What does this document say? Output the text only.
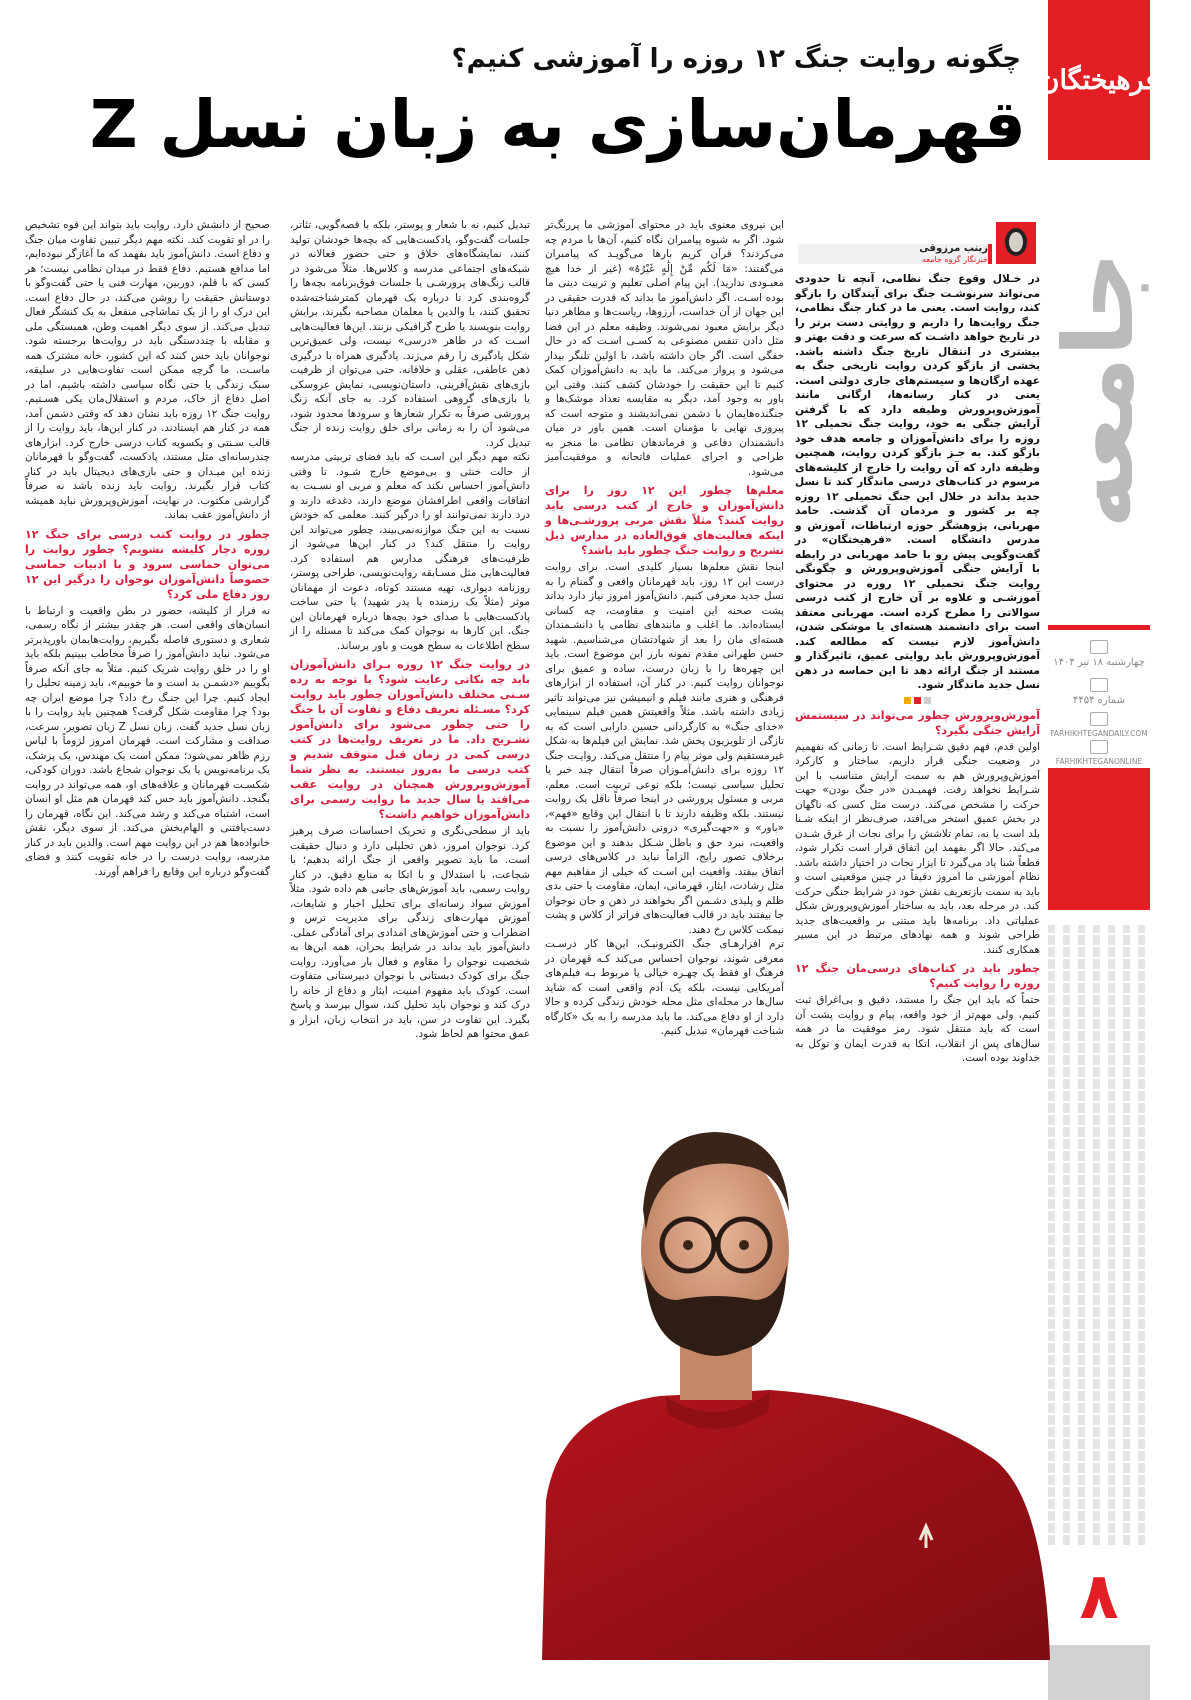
فرهیختگان
جامعه
چهارشنبه ۱۸ تیر ۱۴۰۴
شماره ۴۴۵۴
FARHIKHTEGANDAILY.COM
FARHIKHTEGANONLINE
۸
چگونه روایت جنگ ۱۲ روزه را آموزشی کنیم؟
قهرمان‌سازی به زبان نسل Z
زینب مرزوقی
خبرنگار گروه جامعه

در خـلال وقوع جنگ نظامی، آنچه تا حدودی می‌تواند سرنوشـت جنگ برای آیندگان را بازگو کند، روایت است. یعنی ما در کنار جنگ نظامی، جنگ روایت‌ها را داریم و روایتی دست برتر را در تاریخ خواهد داشـت که سرعت و دقت بهتر و بیشتری در انتقال تاریخ جنگ داشته باشد. بخشی از بازگو کردن روایت تاریخی جنگ به عهده ارگان‌ها و سیستم‌های جاری دولتی است. یعنی در کنار رسانه‌ها، ارگانی مانند آموزش‌وپرورش وظیفه دارد که با گرفتن آرایش جنگی به خود، روایت جنگ تحمیلی ۱۲ روزه را برای دانش‌آموزان و جامعه هدف خود بازگو کند. به جـز بازگو کردن روایت، همچنین وظیفه دارد که آن روایت را خارج از کلیشه‌های مرسوم در کتاب‌های درسی ماندگار کند تا نسل جدید بداند در خلال این جنگ تحمیلی ۱۲ روزه چه بر کشور و مردمان آن گذشت. حامد مهربانی، پژوهشگر حوزه ارتباطات، آموزش و مدرس دانشگاه است. «فرهیختگان» در گفت‌وگویی پیش رو با حامد مهربانی در رابطه با آرایش جنگی آموزش‌وپرورش و چگونگی روایت جنگ تحمیلی ۱۲ روزه در محتوای آموزشـی و علاوه بر آن خارج از کتب درسی سوالاتی را مطرح کرده است. مهربانی معتقد است برای دانشمند هسته‌ای یا موشکی شدن، دانش‌آموز لازم‌ نیست که مطالعه کند. آموزش‌وپرورش باید روایتی عمیق، تاثیرگذار و مستند از جنگ ارائه دهد تا این حماسه در ذهن نسل جدید ماندگار شود.

آموزش‌وپرورش چطور می‌تواند در سیستمش آرایش جنگی بگیرد؟

اولین قدم، فهم دقیق شـرایط است. تا زمانی که نفهمیم در وضعیت جنگی قرار داریم، ساختار و کارکرد آموزش‌وپرورش هم به سمت آرایش متناسب با این شـرایط نخواهد رفت. فهمیـدن «در جنگ بودن» جهت حرکت را مشخص می‌کند. درست مثل کسی که ناگهان در بخش عمیق استخر می‌افتد، صرف‌نظر از اینکه شـنا بلد است یا نه، تمام تلاشش را برای نجات از غرق شـدن می‌کند. حالا اگر بفهمد این اتفاق قرار است تکرار شود، قطعاً شنا یاد می‌گیرد تا ایزار نجات در اختیار داشته باشد. نظام آموزشی ما امروز دقیقاً در چنین موقعیتی است و باید به سمت بازتعریف نقش خود در شرایط جنگی حرکت کند. در مرحله بعد، باید به ساختار آموزش‌وپرورش شکل عملیاتی داد. برنامه‌ها باید مبتنی بر واقعیت‌های جدید طراحی شوند و همه نهادهای مرتبط در این مسیر همکاری کنند.

چطور باید در کتاب‌های درسی‌مان جنگ ۱۲ روزه را روایت کنیم؟

حتماً که باید این جنگ را مستند، دقیق و بی‌اغراق ثبت کنیم، ولی مهم‌تر از خود واقعه، پیام و روایت پشت آن است که باید منتقل شود. رمز موفقیت ما در همه سال‌های پس از انقلاب، اتکا به قدرت ایمان و توکل به خداوند بوده است.

این نیروی معنوی باید در محتوای آموزشی ما پررنگ‌تر شود. اگر به شیوه پیامبران نگاه کنیم، آن‌ها با مردم چه می‌کردند؟ قرآن کریم بارها می‌گویـد که پیامبران می‌گفتند: «مَا لَکُم مِّنْ إِلَٰهٍ غَیْرُهُ» (غیر از خدا هیچ معبـودی ندارید). این پیام اصلی تعلیم و تربیت دینی ما بوده اسـت. اگر دانش‌آموز ما بداند که قدرت حقیقی در این جهان از آن خداست، آرزوها، ریاست‌ها و مظاهر دنیا دیگر برایش معبود نمی‌شوند. وظیفه معلم در این فضا مثل دادن تنفس مصنوعی به کسـی اسـت که در حال خفگی است. اگر جان داشته باشد، با اولین تلنگر بیدار می‌شود و پرواز می‌کند. ما باید به دانش‌آموزان کمک کنیم تا این حقیقت را خودشان کشف کنند. وقتی این باور به وجود آمد، دیگر به مقایسه تعداد موشک‌ها و جنگنده‌هایمان با دشمن نمی‌اندیشند و متوجه است که پیروزی نهایی با مؤمنان است. همین باور در میان دانشمندان دفاعی و فرماندهان نظامی ما منجر به طراحی و اجرای عملیات فاتحانه و موفقیت‌آمیز می‌شود.

معلم‌ها چطور این ۱۲ روز را برای دانش‌آموزان و خارج از کتب درسی باید روایت کنند؟ مثلاً نقش مربی پرورشـی‌ها و اینکه فعالیت‌های فوق‌العاده در مدارس ذیل تشریح و روایت جنگ چطور باید باشد؟

اینجا نقش معلم‌ها بسیار کلیدی است. برای روایت درست این ۱۲ روز، باید قهرمانان واقعی و گمنام را به نسل جدید معرفی کنیم. دانش‌آموز امروز نیاز دارد بداند پشت صحنه این امنیت و مقاومت، چه کسانی ایستاده‌اند. ما اغلب و مانندهای نظامی یا دانشـمندان هسته‌ای مان را بعد از شهادتشان می‌شناسیم. شهید حسن طهرانی مقدم نمونه بارز این موضوع است. باید این چهره‌ها را با زبان درست، ساده و عمیق برای نوجوانان روایت کنیم. در کنار آن، استفاده از ابزارهای فرهنگی و هنری مانند فیلم و انیمیشن نیز می‌تواند تاثیر زیادی داشته باشد. مثلاً واقعیتش همین فیلم سینمایی «خدای جنگ» به کارگردانی حسین دارابی است که به تازگی از تلویزیون پخش شد. نمایش این فیلم‌ها به شکل غیرمستقیم ولی موثر پیام را منتقل می‌کند. روایـت جنگ ۱۲ روزه برای دانش‌آمـوزان صرفاً انتقال چند خبر یا تحلیل سیاسی نیست؛ بلکه نوعی تربیت است. معلم، مربی و مسئول پرورشی در اینجا صرفاً ناقل یک روایت نیستند. بلکه وظیفه دارند تا با انتقال این وقایع «فهم»، «باور» و «جهت‌گیری» درونی دانش‌آموز را نسبت به واقعیت، نبرد حق و باطل شـکل بدهند و این موضوع برخلاف تصور رایج، الزاماً نباید در کلاس‌های درسی اتفاق بیفتد. واقعیت این اسـت که خیلی از مفاهیم مهم مثل رشادت، ایثار، قهرمانی، ایمان، مقاومت یا حتی بدی ظلم و پلیدی دشـمن اگر بخواهند در ذهن و جان نوجوان جا بیفتند باید در قالب فعالیت‌های فراتر از کلاس و پشت نیمکت کلاس رخ دهند.

ترم افزارهـای جنگ الکترونیـک، این‌ها کار درسـت معرفی شوند، نوجوان احساس می‌کند کـه قهرمان در فرهنگ او فقط یک چهـره خیالی یا مربوط بـه فیلم‌های آمریکایی نیست، بلکه یک آدم واقعی است که شاید سال‌ها در محله‌ای مثل محله خودش زندگی کرده و حالا دارد از او دفاع می‌کند. ما باید مدرسه را به یک «کارگاه شناخت قهرمان» تبدیل کنیم.

تبدیل کنیم، نه با شعار و پوستر، بلکه با قصه‌گویی، تئاتر، جلسات گفت‌وگو، پادکست‌هایی که بچه‌ها خودشان تولید کنند، نمایشگاه‌های خلاق و حتی حضور فعالانه در شبکه‌های اجتماعی مدرسه و کلاس‌ها. مثلاً می‌شود در قالب زنگ‌های پرورشـی یا جلسات فوق‌برنامه بچه‌ها را گروه‌بندی کرد تا درباره یک قهرمان کمترشناخته‌شده تحقیق کنند، با والدین یا معلمان مصاحبه بگیرند، برایش روایت بنویسند یا طرح گرافیکی بزنند. این‌ها فعالیت‌هایی اسـت که در ظاهر «درسی» نیست، ولی عمیق‌ترین شکل یادگیری را رقم می‌زند. یادگیری همراه با درگیری ذهن عاطفی، عقلی و خلاقانه. حتی می‌توان از ظرفیت بازی‌های نقش‌آفرینی، داستان‌نویسی، نمایش عروسکی یا بازی‌های گروهی استفاده کرد. به جای آنکه زنگ پرورشی صرفاً به تکرار شعارها و سرودها محدود شود، می‌شود آن را به زمانی برای خلق روایت زنده از جنگ تبدیل کرد.

نکته مهم دیگر این اسـت که باید فضای تربیتی مدرسه از حالت خنثی و بی‌موضع خارج شـود. تا وقتی دانش‌آموز احساس نکند که معلم و مربی او نسـبت به اتفاقات واقعی اطرافشان موضع دارند، دغدغه دارند و درد دارند نمی‌توانند او را درگیر کنند. معلمی که خودش نسبت به این جنگ موازنه‌نمی‌بیند، چطور می‌تواند این روایت را منتقل کند؟ در کنار این‌ها می‌شود از ظرفیت‌های فرهنگی مدارس هم استفاده کرد. فعالیت‌هایی مثل مسـابقه روایت‌نویسی، طراحی پوستر، روزنامه دیواری، تهیه مستند کوتاه، دعوت از مهمانان موثر (مثلاً یک رزمنده یا پدر شهید) یا حتی ساخت پادکست‌هایی با صدای خود بچه‌ها درباره قهرمانان این جنگ. این کارها به نوجوان کمک می‌کند تا مسئله را از سطح اطلاعات به سطح هویت و باور برساند.

در روایت جنگ ۱۲ روزه بـرای دانش‌آموزان باید چه نکاتی رعایت شود؟ با توجه به رده سـنی مختلف دانش‌آموزان چطور باید روایت کرد؟ مسـئله تعریف دفاع و تفاوت آن با جنگ را حتی چطور می‌شود برای دانش‌آموز تشـریح داد. ما در تعریف روایت‌ها در کتب درسی کمی در زمان قبل متوقف شدیم و کتب درسی ما به‌روز نیستند. به نظر شما آموزش‌وپرورش همچنان در روایت عقب می‌افتد یا سال جدید ما روایت رسمی برای دانش‌آموزان خواهیم داشت؟

باید از سطحی‌نگری و تحریک احساسات صرف پرهیز کرد. نوجوان امروز، ذهن تحلیلی دارد و دنبال حقیقت است. ما باید تصویر واقعی از جنگ ارائه بدهیم؛ با شجاعت، با استدلال و با اتکا به منابع دقیق. در کنار روایت رسمی، باید آموزش‌های جانبی هم داده شود. مثلاً آموزش سواد رسانه‌ای برای تحلیل اخبار و شایعات، آموزش مهارت‌های زندگی برای مدیریت ترس و اضطراب و حتی آموزش‌های امدادی برای آمادگی عملی. دانش‌آموز باید بداند در شرایط بحران، همه این‌ها به شخصیت نوجوان را مقاوم و فعال بار می‌آورد. روایت جنگ برای کودک دبستانی با نوجوان دبیرستانی متفاوت است. کودک باید مفهوم امنیت، ایثار و دفاع از خانه را درک کند و نوجوان باید تحلیل کند، سوال بپرسد و پاسخ بگیرد. این تفاوت در سن، باید در انتخاب زبان، ابزار و عمق محتوا هم لحاظ شود.

صحیح از دانشش دارد. روایت باید بتواند این قوه تشخیص را در او تقویت کند. نکته مهم دیگر تبیین تفاوت میان جنگ و دفاع است. دانش‌آموز باید بفهمد که ما آغازگر نبوده‌ایم، اما مدافع هستیم. دفاع فقط در میدان نظامی نیست؛ هر کسی که با قلم، دوربین، مهارت فنی یا حتی گفت‌وگو با دوستانش حقیقت را روشن می‌کند، در حال دفاع است. این درک او را از یک تماشاچی منفعل به یک کنشگر فعال تبدیل می‌کند. از سوی دیگر اهمیت وطن، همبستگی ملی و مقابله با چنددستگی باید در روایت‌ها برجسته شود. نوجوانان باید حس کنند که این کشور، خانه مشترک همه ماسـت. ما گرچه ممکن است تفاوت‌هایی در سلیقه، سبک زندگی یا حتی نگاه سیاسی داشته باشیم، اما در اصل دفاع از خاک، مردم و استقلال‌مان یکی هسـتیم. روایت جنگ ۱۲ روزه باید نشان دهد که وقتی دشمن آمد، همه در کنار هم ایستادند. در کنار این‌ها، باید روایت را از قالب سـنتی و یکسویه کتاب درسی خارج کرد. ابزارهای چندرسانه‌ای مثل مستند، پادکست، گفت‌وگو با قهرمانان زنده این میـدان و حتی بازی‌های دیجیتال باید در کنار کتاب قرار بگیرند. روایت باید زنده باشد نه صرفاً گزارشی مکتوب. در نهایت، آموزش‌وپرورش نباید همیشه از دانش‌آموز عقب بماند.

چطور در روایت کتب درسی برای جنگ ۱۲ روزه دچار کلیشه نشویم؟ چطور روایت را می‌توان حماسی سرود و با ادبیات حماسی خصوصاً دانش‌آموزان نوجوان را درگیر این ۱۲ روز دفاع ملی کرد؟

نه فرار از کلیشه، حضور در بطن واقعیت و ارتباط با انسان‌های واقعی است. هر چقدر بیشتر از نگاه رسمی، شعاری و دستوری فاصله بگیریم، روایت‌هایمان باورپذیرتر می‌شود. نباید دانش‌آموز را صرفاً مخاطب ببینیم بلکه باید او را در خلق روایت شریک کنیم. مثلاً به جای آنکه صرفاً بگوییم «دشمـن بد است و ما خوبیم»، باید زمینه تحلیل را ایجاد کنیم. چرا این جنـگ رخ داد؟ چرا موضع ایران چه بود؟ چرا مقاومت شکل گرفت؟ همچنین باید روایت را با زبان نسل جدید گفت. زبان نسل Z زبان تصویر، سرعت، صداقت و مشارکت است. قهرمان امروز لزوماً با لباس رزم ظاهر نمی‌شود؛ ممکن است یک مهندس، یک پزشک، یک برنامه‌نویس یا یک نوجوان شجاع باشد. دوران کودکی، شکسـت قهرمانان و علاقه‌های او، همه می‌تواند در روایت بگنجد. دانش‌آموز باید حس کند قهرمان هم مثل او انسان است، اشتباه می‌کند و رشد می‌کند. این نگاه، قهرمان را دست‌یافتنی و الهام‌بخش می‌کند. از سوی دیگر، نقش خانواده‌ها هم در این روایت مهم است. والدین باید در کنار مدرسه، روایت درست را در خانه تقویت کنند و فضای گفت‌وگو درباره این وقایع را فراهم آورند.
